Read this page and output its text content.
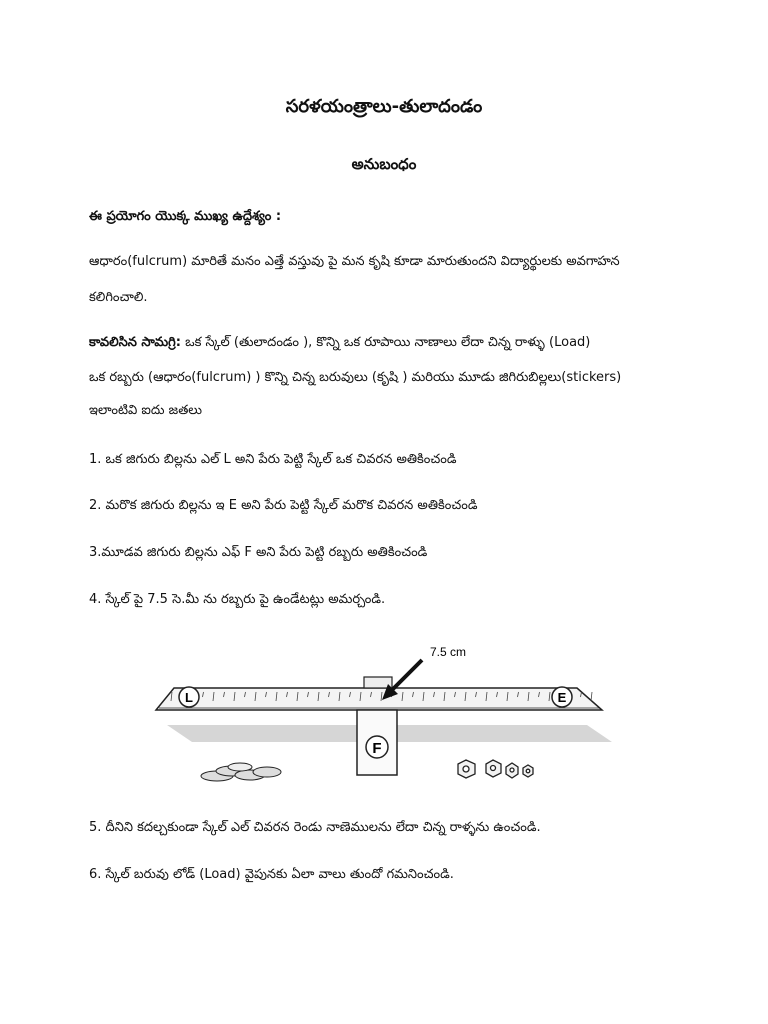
సరళయంత్రాలు-తులాదండం
అనుబంధం
ఈ ప్రయోగం యొక్క ముఖ్య ఉద్దేశ్యం :
ఆధారం(fulcrum) మారితే మనం ఎత్తే వస్తువు పై మన కృషి కూడా మారుతుందని విద్యార్థులకు అవగాహన
కలిగించాలి.
కావలిసిన సామగ్రి: ఒక స్కేల్ (తులాదండం ), కొన్ని ఒక రూపాయి నాణాలు లేదా చిన్న రాళ్ళు (Load)
ఒక రబ్బరు (ఆధారం(fulcrum) ) కొన్ని చిన్న బరువులు (కృషి ) మరియు మూడు జిగిరుబిల్లలు(stickers)
ఇలాంటివి ఐదు జతలు
1. ఒక జిగురు బిల్లను ఎల్ L అని పేరు పెట్టి స్కేల్ ఒక చివరన అతికించండి
2. మరొక జిగురు బిల్లను ఇ E అని పేరు పెట్టి స్కేల్ మరొక చివరన అతికించండి
3.మూడవ జిగురు బిల్లను ఎఫ్ F అని పేరు పెట్టి రబ్బరు అతికించండి
4. స్కేల్ పై 7.5 సె.మీ ను రబ్బరు పై ఉండేటట్లు అమర్చండి.
F
L	E
7.5 cm
5. దీనిని కదల్చకుండా స్కేల్ ఎల్ చివరన రెండు నాణెములను లేదా చిన్న రాళ్ళను ఉంచండి.
6. స్కేల్ బరువు లోడ్ (Load) వైపునకు ఏలా వాలు తుందో గమనించండి.
